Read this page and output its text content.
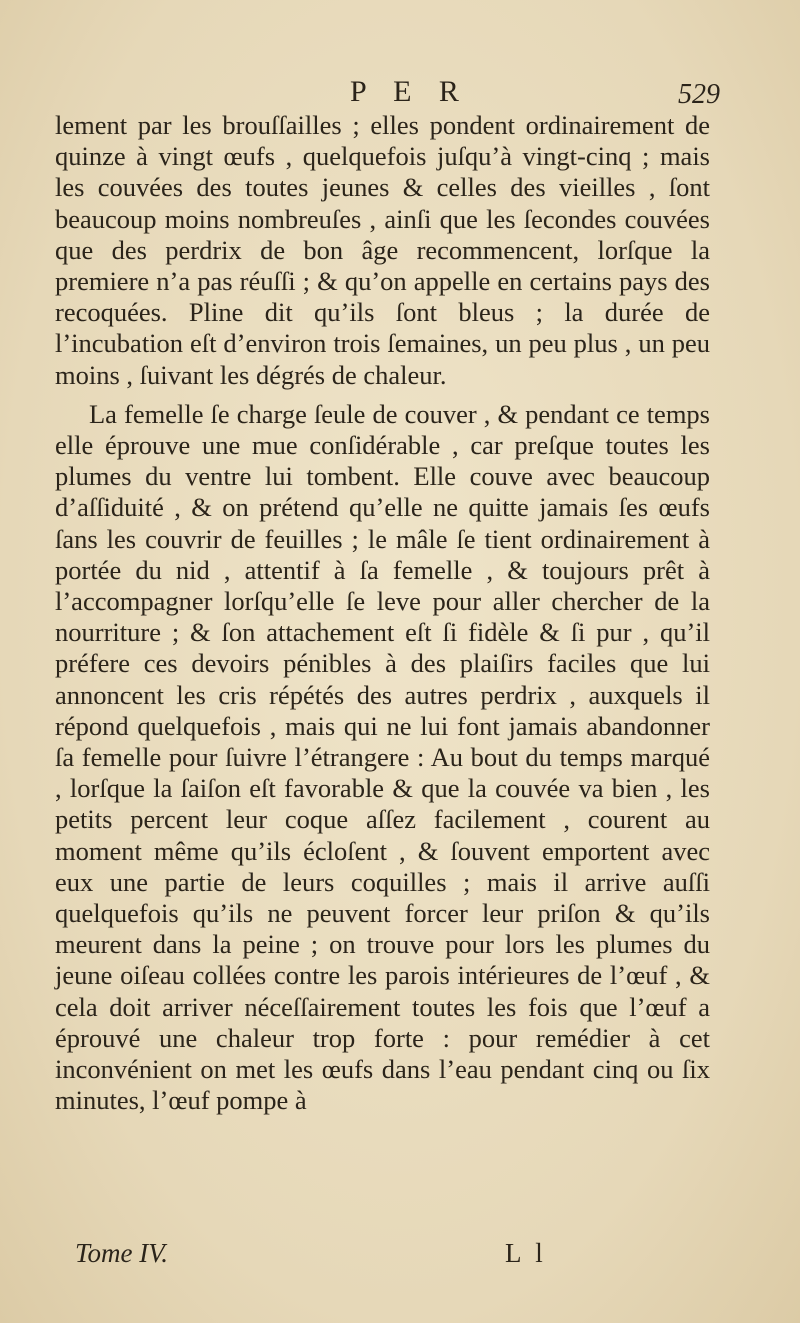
P E R	529

lement par les brouſſailles ; elles pondent ordinairement de quinze à vingt œufs , quelquefois juſqu’à vingt-cinq ; mais les couvées des toutes jeunes & celles des vieilles , ſont beaucoup moins nombreuſes , ainſi que les ſecondes couvées que des perdrix de bon âge recommencent, lorſque la premiere n’a pas réuſſi ; & qu’on appelle en certains pays des recoquées. Pline dit qu’ils ſont bleus ; la durée de l’incubation eſt d’environ trois ſemaines, un peu plus , un peu moins , ſuivant les dégrés de chaleur.

La femelle ſe charge ſeule de couver , & pendant ce temps elle éprouve une mue conſidérable , car preſque toutes les plumes du ventre lui tombent. Elle couve avec beaucoup d’aſſiduité , & on prétend qu’elle ne quitte jamais ſes œufs ſans les couvrir de feuilles ; le mâle ſe tient ordinairement à portée du nid , attentif à ſa femelle , & toujours prêt à l’accompagner lorſqu’elle ſe leve pour aller chercher de la nourriture ; & ſon attachement eſt ſi fidèle & ſi pur , qu’il préfere ces devoirs pénibles à des plaiſirs faciles que lui annoncent les cris répétés des autres perdrix , auxquels il répond quelquefois , mais qui ne lui font jamais abandonner ſa femelle pour ſuivre l’étrangere : Au bout du temps marqué , lorſque la ſaiſon eſt favorable & que la couvée va bien , les petits percent leur coque aſſez facilement , courent au moment même qu’ils écloſent , & ſouvent emportent avec eux une partie de leurs coquilles ; mais il arrive auſſi quelquefois qu’ils ne peuvent forcer leur priſon & qu’ils meurent dans la peine ; on trouve pour lors les plumes du jeune oiſeau collées contre les parois intérieures de l’œuf , & cela doit arriver néceſſairement toutes les fois que l’œuf a éprouvé une chaleur trop forte : pour remédier à cet inconvénient on met les œufs dans l’eau pendant cinq ou ſix minutes, l’œuf pompe à

Tome IV.	L l
